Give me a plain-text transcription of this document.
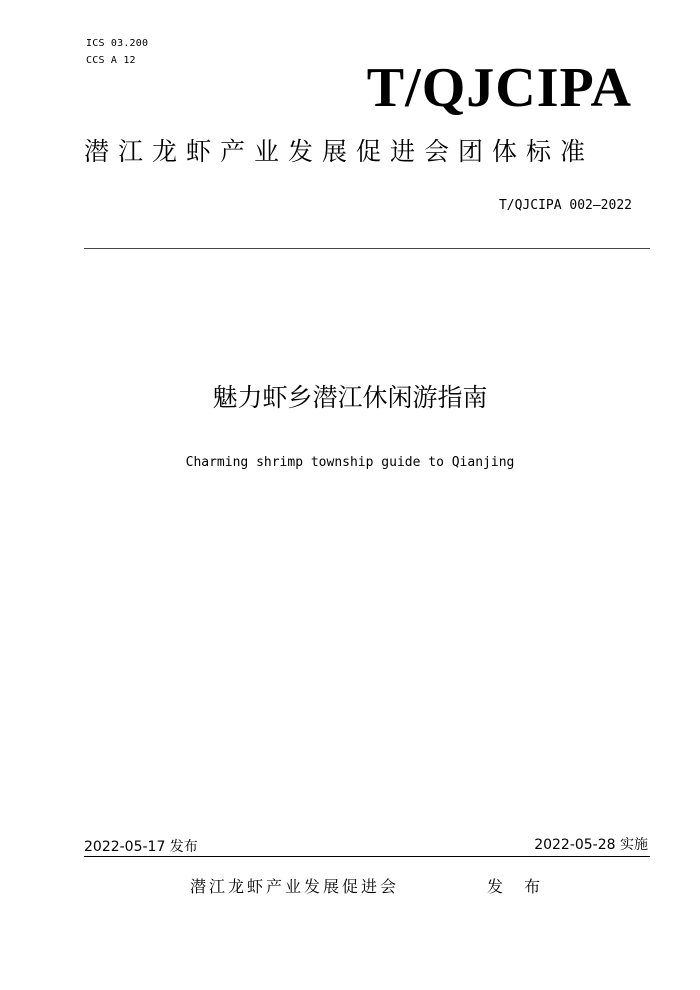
ICS 03.200
CCS A 12	T/QJCIPA
潜江龙虾产业发展促进会团体标准
T/QJCIPA 002—2022
魅力虾乡潜江休闲游指南
Charming shrimp township guide to Qianjing
2022-05-17 发布	2022-05-28 实施
潜江龙虾产业发展促进会	发 布
